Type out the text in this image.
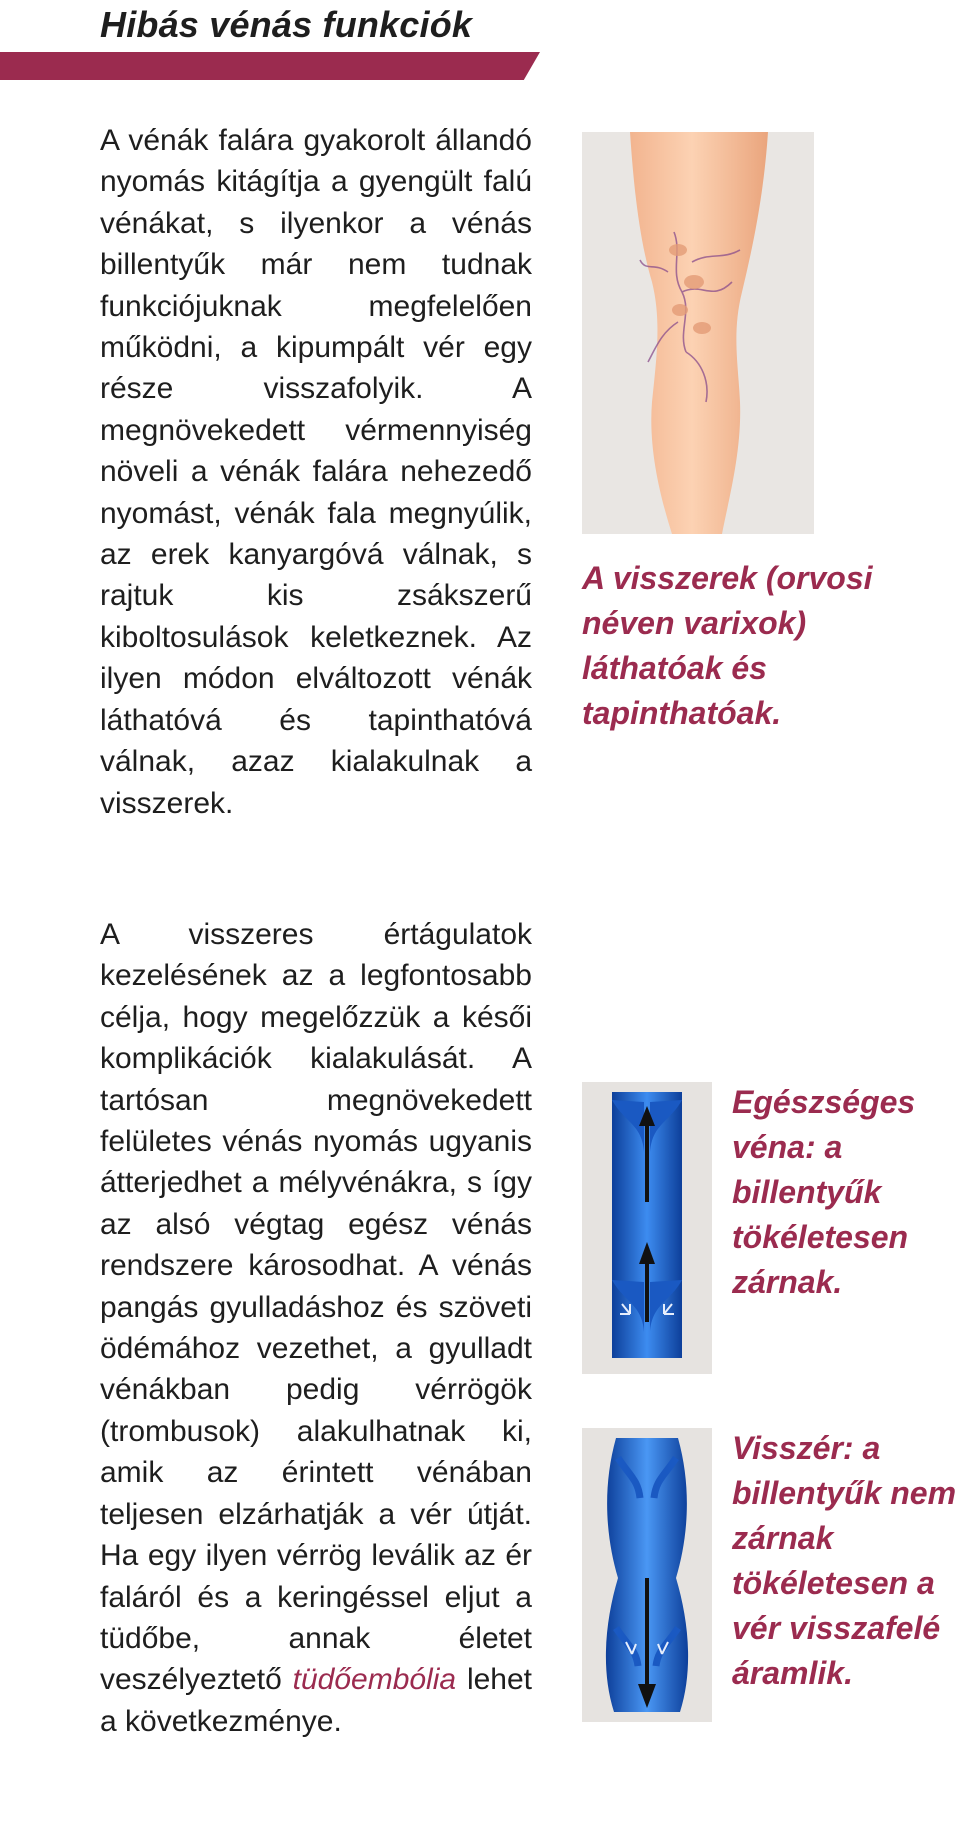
Hibás vénás funkciók

A vénák falára gyakorolt állandó nyomás kitágítja a gyengült falú vénákat, s ilyenkor a vénás billentyűk már nem tudnak funkciójuknak megfelelően működni, a kipumpált vér egy része visszafolyik. A megnövekedett vérmennyiség növeli a vénák falára nehezedő nyomást, vénák fala megnyúlik, az erek kanyargóvá válnak, s rajtuk kis zsákszerű kiboltosulások keletkeznek. Az ilyen módon elváltozott vénák láthatóvá és tapinthatóvá válnak, azaz kialakulnak a visszerek.

A visszeres értágulatok kezelésének az a legfontosabb célja, hogy megelőzzük a késői komplikációk kialakulását. A tartósan megnövekedett felületes vénás nyomás ugyanis átterjedhet a mélyvénákra, s így az alsó végtag egész vénás rendszere károsodhat. A vénás pangás gyulladáshoz és szöveti ödémához vezethet, a gyulladt vénákban pedig vérrögök (trombusok) alakulhatnak ki, amik az érintett vénában teljesen elzárhatják a vér útját. Ha egy ilyen vérrög leválik az ér faláról és a keringéssel eljut a tüdőbe, annak életet veszélyeztető tüdőembólia lehet a következménye.

A visszerek (orvosi néven varixok) láthatóak és tapinthatóak.

Egészséges véna: a billentyűk tökéletesen zárnak.

Visszér: a billentyűk nem zárnak tökéletesen a vér visszafelé áramlik.
